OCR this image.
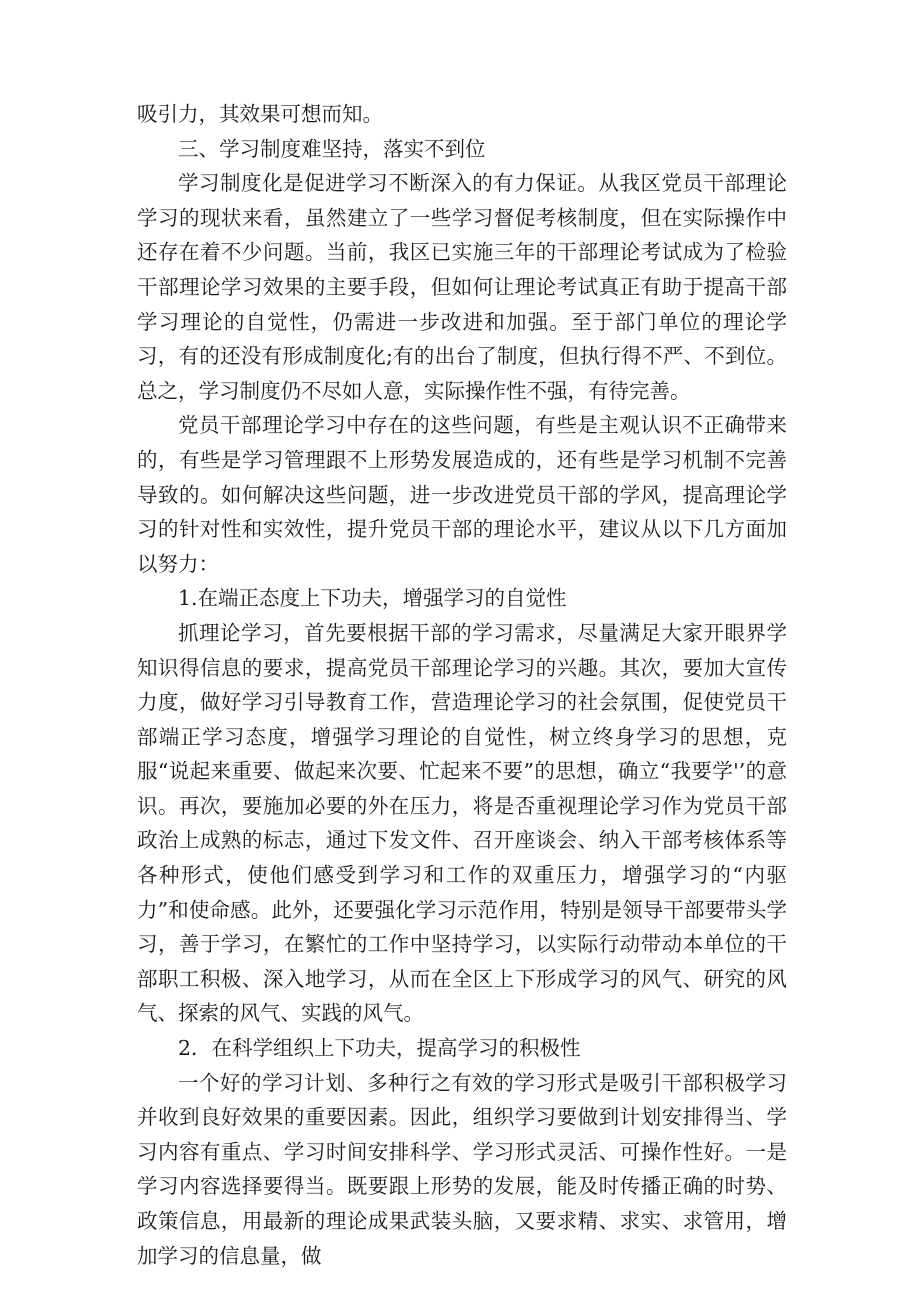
吸引力，其效果可想而知。

三、学习制度难坚持，落实不到位

学习制度化是促进学习不断深入的有力保证。从我区党员干部理论学习的现状来看，虽然建立了一些学习督促考核制度，但在实际操作中还存在着不少问题。当前，我区已实施三年的干部理论考试成为了检验干部理论学习效果的主要手段，但如何让理论考试真正有助于提高干部学习理论的自觉性，仍需进一步改进和加强。至于部门单位的理论学习，有的还没有形成制度化;有的出台了制度，但执行得不严、不到位。总之，学习制度仍不尽如人意，实际操作性不强，有待完善。

党员干部理论学习中存在的这些问题，有些是主观认识不正确带来的，有些是学习管理跟不上形势发展造成的，还有些是学习机制不完善导致的。如何解决这些问题，进一步改进党员干部的学风，提高理论学习的针对性和实效性，提升党员干部的理论水平，建议从以下几方面加以努力：

1.在端正态度上下功夫，增强学习的自觉性

抓理论学习，首先要根据干部的学习需求，尽量满足大家开眼界学知识得信息的要求，提高党员干部理论学习的兴趣。其次，要加大宣传力度，做好学习引导教育工作，营造理论学习的社会氛围，促使党员干部端正学习态度，增强学习理论的自觉性，树立终身学习的思想，克服“说起来重要、做起来次要、忙起来不要”的思想，确立“我要学'’的意识。再次，要施加必要的外在压力，将是否重视理论学习作为党员干部政治上成熟的标志，通过下发文件、召开座谈会、纳入干部考核体系等各种形式，使他们感受到学习和工作的双重压力，增强学习的“内驱力”和使命感。此外，还要强化学习示范作用，特别是领导干部要带头学习，善于学习，在繁忙的工作中坚持学习，以实际行动带动本单位的干部职工积极、深入地学习，从而在全区上下形成学习的风气、研究的风气、探索的风气、实践的风气。

2．在科学组织上下功夫，提高学习的积极性

一个好的学习计划、多种行之有效的学习形式是吸引干部积极学习并收到良好效果的重要因素。因此，组织学习要做到计划安排得当、学习内容有重点、学习时间安排科学、学习形式灵活、可操作性好。一是学习内容选择要得当。既要跟上形势的发展，能及时传播正确的时势、政策信息，用最新的理论成果武装头脑，又要求精、求实、求管用，增加学习的信息量，做
